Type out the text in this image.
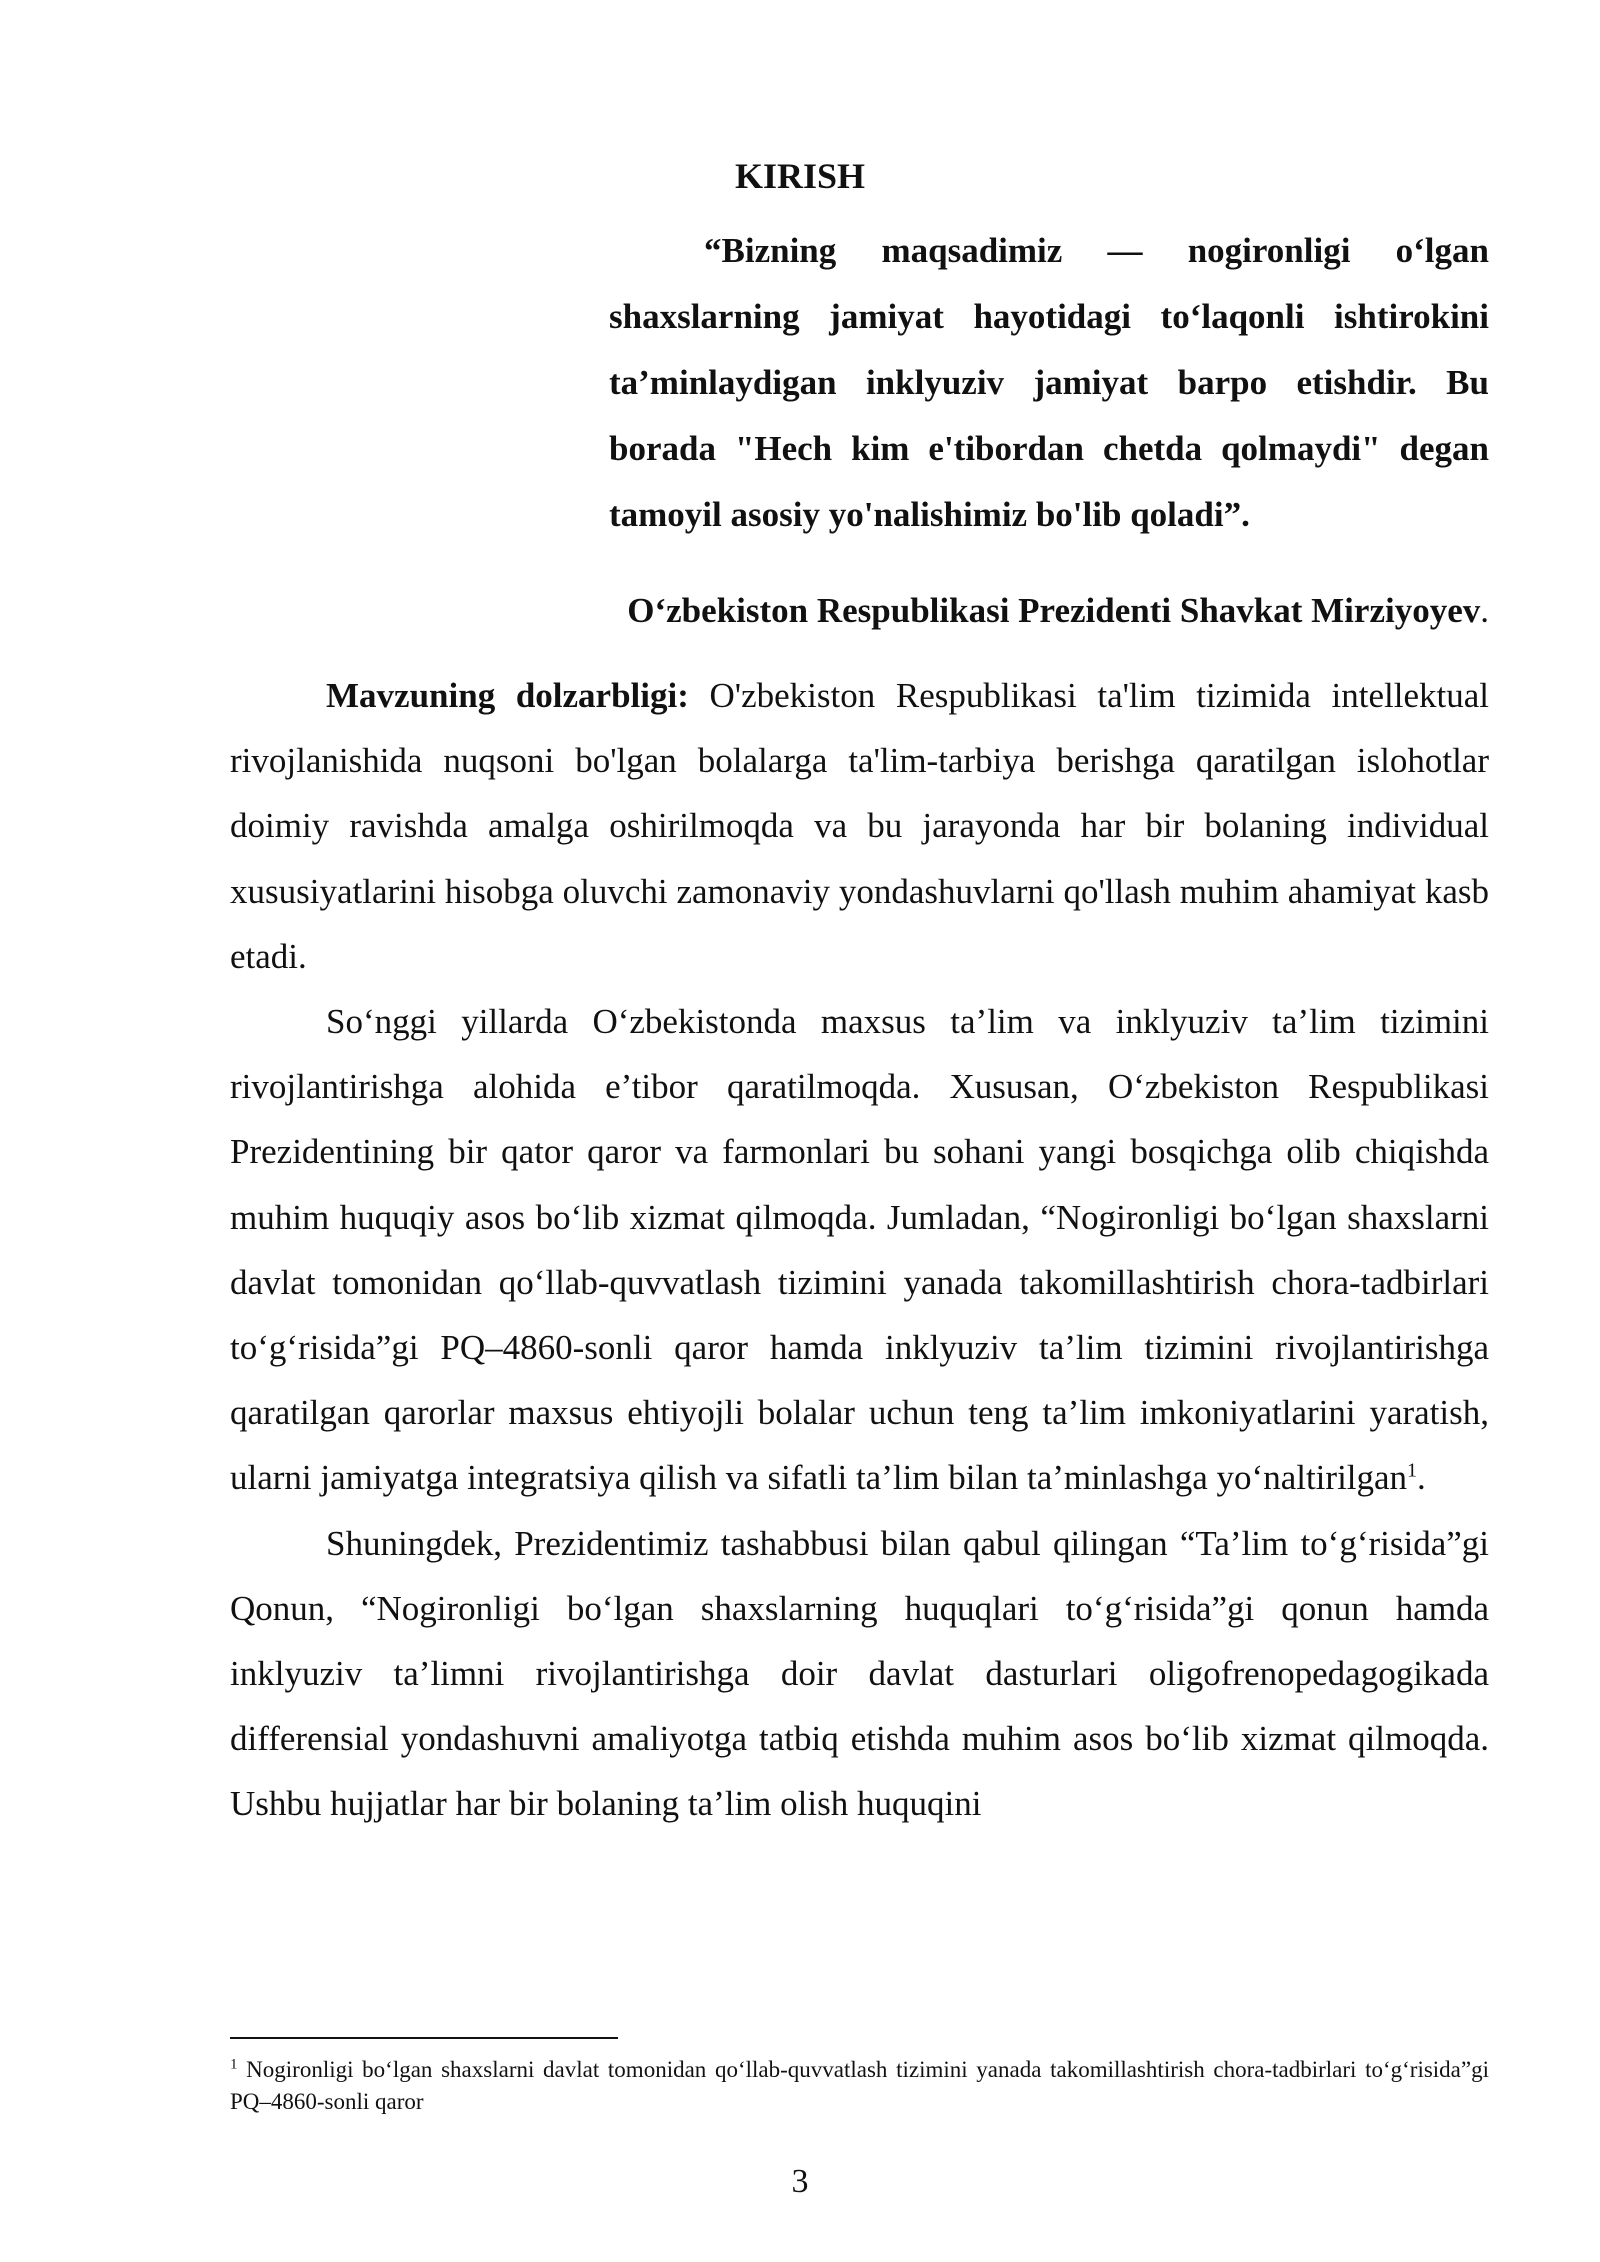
KIRISH

“Bizning maqsadimiz — nogironligi o‘lgan shaxslarning jamiyat hayotidagi to‘laqonli ishtirokini ta’minlaydigan inklyuziv jamiyat barpo etishdir. Bu borada "Hech kim e'tibordan chetda qolmaydi" degan tamoyil asosiy yo'nalishimiz bo'lib qoladi”.

O‘zbekiston Respublikasi Prezidenti Shavkat Mirziyoyev.

Mavzuning dolzarbligi: O'zbekiston Respublikasi ta'lim tizimida intellektual rivojlanishida nuqsoni bo'lgan bolalarga ta'lim-tarbiya berishga qaratilgan islohotlar doimiy ravishda amalga oshirilmoqda va bu jarayonda har bir bolaning individual xususiyatlarini hisobga oluvchi zamonaviy yondashuvlarni qo'llash muhim ahamiyat kasb etadi.

So‘nggi yillarda O‘zbekistonda maxsus ta’lim va inklyuziv ta’lim tizimini rivojlantirishga alohida e’tibor qaratilmoqda. Xususan, O‘zbekiston Respublikasi Prezidentining bir qator qaror va farmonlari bu sohani yangi bosqichga olib chiqishda muhim huquqiy asos bo‘lib xizmat qilmoqda. Jumladan, “Nogironligi bo‘lgan shaxslarni davlat tomonidan qo‘llab-quvvatlash tizimini yanada takomillashtirish chora-tadbirlari to‘g‘risida”gi PQ–4860-sonli qaror hamda inklyuziv ta’lim tizimini rivojlantirishga qaratilgan qarorlar maxsus ehtiyojli bolalar uchun teng ta’lim imkoniyatlarini yaratish, ularni jamiyatga integratsiya qilish va sifatli ta’lim bilan ta’minlashga yo‘naltirilgan$^1$.

Shuningdek, Prezidentimiz tashabbusi bilan qabul qilingan “Ta’lim to‘g‘risida”gi Qonun, “Nogironligi bo‘lgan shaxslarning huquqlari to‘g‘risida”gi qonun hamda inklyuziv ta’limni rivojlantirishga doir davlat dasturlari oligofrenopedagogikada differensial yondashuvni amaliyotga tatbiq etishda muhim asos bo‘lib xizmat qilmoqda. Ushbu hujjatlar har bir bolaning ta’lim olish huquqini

$^1$ Nogironligi bo‘lgan shaxslarni davlat tomonidan qo‘llab-quvvatlash tizimini yanada takomillashtirish chora-tadbirlari to‘g‘risida”gi PQ–4860-sonli qaror

3
